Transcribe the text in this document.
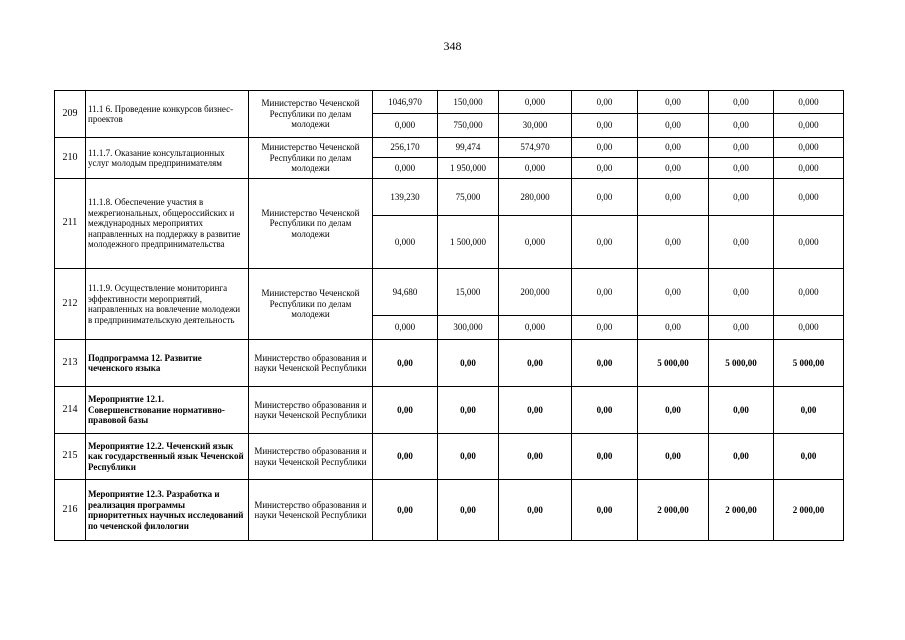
348
209	11.1 6. Проведение конкурсов бизнес-проектов	Министерство Чеченской Республики по делам молодежи	1046,970	150,000	0,000	0,00	0,00	0,00	0,000
			0,000	750,000	30,000	0,00	0,00	0,00	0,000
210	11.1.7. Оказание консультационных услуг молодым предпринимателям	Министерство Чеченской Республики по делам молодежи	256,170	99,474	574,970	0,00	0,00	0,00	0,000
			0,000	1 950,000	0,000	0,00	0,00	0,00	0,000
211	11.1.8. Обеспечение участия в межрегиональных, общероссийских и международных мероприятих направленных на поддержку в развитие молодежного предпринимательства	Министерство Чеченской Республики по делам молодежи	139,230	75,000	280,000	0,00	0,00	0,00	0,000
			0,000	1 500,000	0,000	0,00	0,00	0,00	0,000
212	11.1.9. Осуществление мониторинга эффективности мероприятий, направленных на вовлечение молодежи в предпринимательскую деятельность	Министерство Чеченской Республики по делам молодежи	94,680	15,000	200,000	0,00	0,00	0,00	0,000
			0,000	300,000	0,000	0,00	0,00	0,00	0,000
213	Подпрограмма 12. Развитие чеченского языка	Министерство образования и науки Чеченской Республики	0,00	0,00	0,00	0,00	5 000,00	5 000,00	5 000,00
214	Мероприятие 12.1. Совершенствование нормативно-правовой базы	Министерство образования и науки Чеченской Республики	0,00	0,00	0,00	0,00	0,00	0,00	0,00
215	Мероприятие 12.2. Чеченский язык как государственный язык Чеченской Республики	Министерство образования и науки Чеченской Республики	0,00	0,00	0,00	0,00	0,00	0,00	0,00
216	Мероприятие 12.3. Разработка и реализация программы приоритетных научных исследований по чеченской филологии	Министерство образования и науки Чеченской Республики	0,00	0,00	0,00	0,00	2 000,00	2 000,00	2 000,00
